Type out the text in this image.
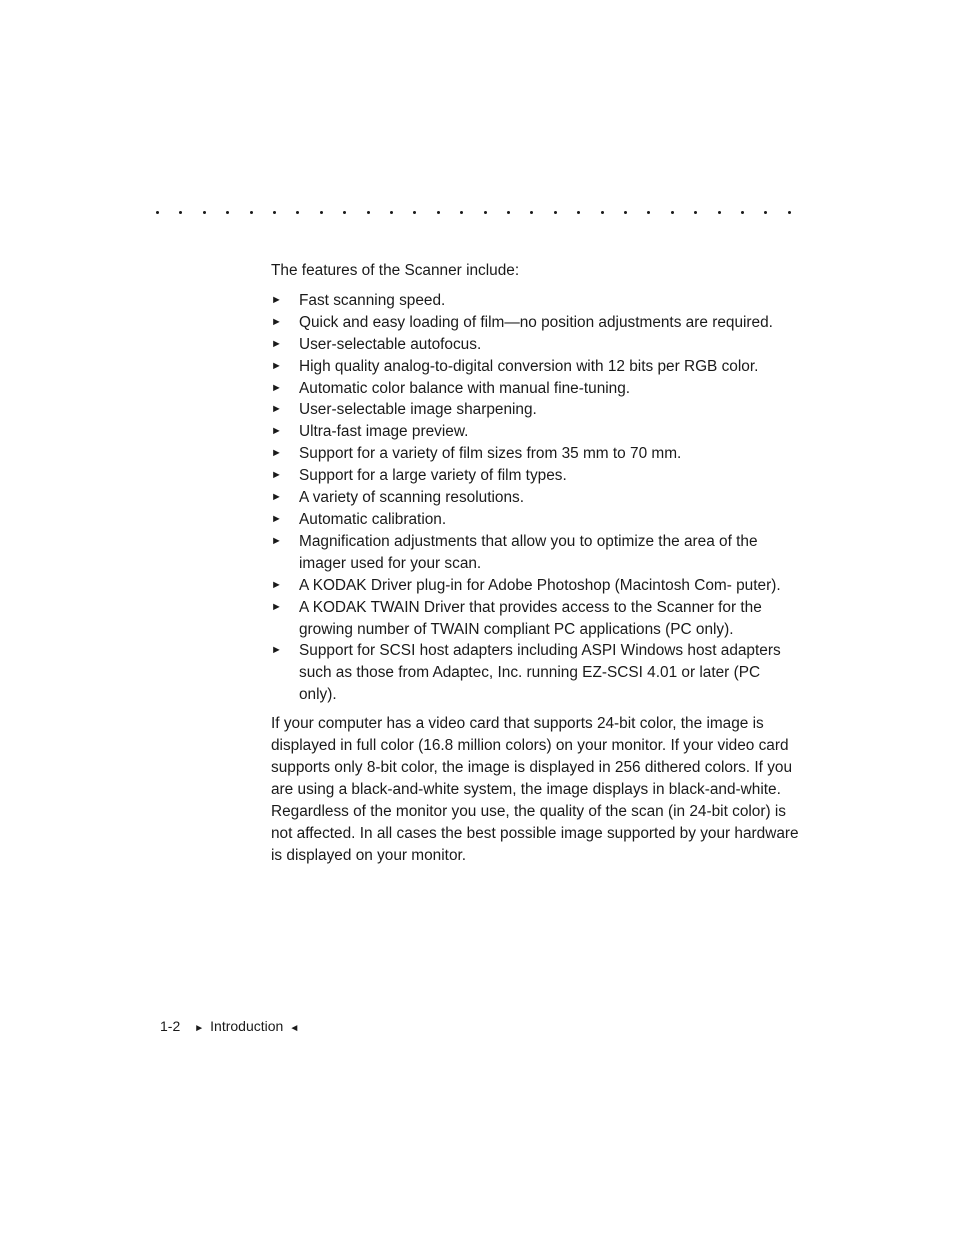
The features of the Scanner include:

► Fast scanning speed.
► Quick and easy loading of film—no position adjustments are required.
► User-selectable autofocus.
► High quality analog-to-digital conversion with 12 bits per RGB color.
► Automatic color balance with manual fine-tuning.
► User-selectable image sharpening.
► Ultra-fast image preview.
► Support for a variety of film sizes from 35 mm to 70 mm.
► Support for a large variety of film types.
► A variety of scanning resolutions.
► Automatic calibration.
► Magnification adjustments that allow you to optimize the area of the imager used for your scan.
► A KODAK Driver plug-in for Adobe Photoshop (Macintosh Com- puter).
► A KODAK TWAIN Driver that provides access to the Scanner for the growing number of TWAIN compliant PC applications (PC only).
► Support for SCSI host adapters including ASPI Windows host adapters such as those from Adaptec, Inc. running EZ-SCSI 4.01 or later (PC only).

If your computer has a video card that supports 24-bit color, the image is displayed in full color (16.8 million colors) on your monitor. If your video card supports only 8-bit color, the image is displayed in 256 dithered colors. If you are using a black-and-white system, the image displays in black-and-white. Regardless of the monitor you use, the quality of the scan (in 24-bit color) is not affected. In all cases the best possible image supported by your hardware is displayed on your monitor.

1-2 ► Introduction ◄
